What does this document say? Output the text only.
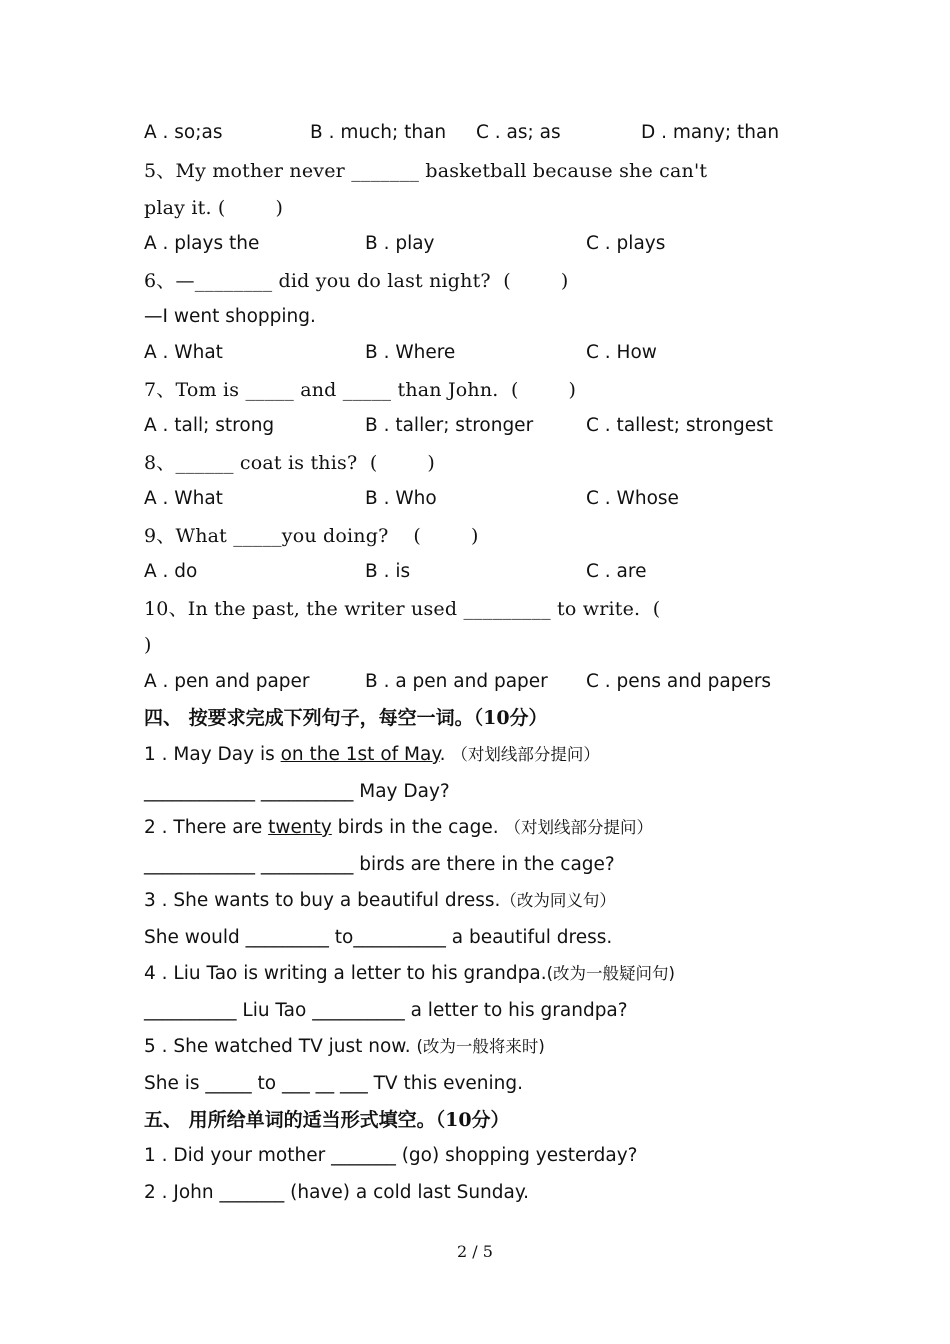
A . so;as	B . much; than C . as; as	D . many; than
5、My mother never _______ basketball because she can't
play it. (        )
A . plays the	B . play	C . plays
6、—________ did you do last night?  (        )
—I went shopping.
A . What	B . Where	C . How
7、Tom is _____ and _____ than John.  (        )
A . tall; strong	B . taller; stronger	C . tallest; strongest
8、______ coat is this?  (        )
A . What	B . Who	C . Whose
9、What _____you doing?    (        )
A . do	B . is	C . are
10、In the past, the writer used _________ to write.  (
)
A . pen and paper	B . a pen and paper C . pens and papers
四、 按要求完成下列句子，每空一词。（10分）
1 . May Day is on the 1st of May. （对划线部分提问）
____________ __________ May Day?
2 . There are twenty birds in the cage. （对划线部分提问）
____________ __________ birds are there in the cage?
3 . She wants to buy a beautiful dress.（改为同义句）
She would _________ to__________ a beautiful dress.
4 . Liu Tao is writing a letter to his grandpa.(改为一般疑问句)
__________ Liu Tao __________ a letter to his grandpa?
5 . She watched TV just now. (改为一般将来时)
She is _____ to ___ __ ___ TV this evening.
五、 用所给单词的适当形式填空。（10分）
1 . Did your mother _______ (go) shopping yesterday?
2 . John _______ (have) a cold last Sunday.
2 / 5
